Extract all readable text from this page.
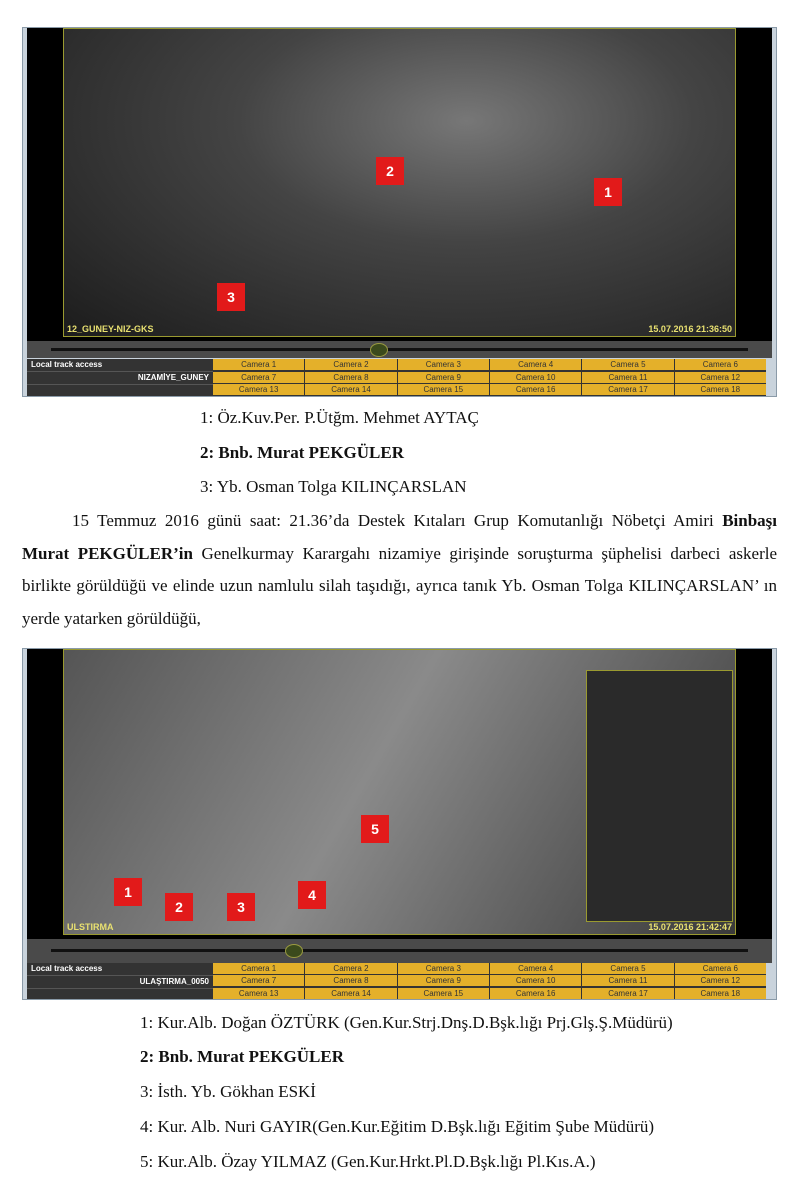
12_GUNEY-NIZ-GKS	15.07.2016 21:36:50
Local track access
NIZAMİYE_GUNEY
Camera 1	Camera 2	Camera 3	Camera 4	Camera 5	Camera 6
Camera 7	Camera 8	Camera 9	Camera 10	Camera 11	Camera 12
Camera 13	Camera 14	Camera 15	Camera 16	Camera 17	Camera 18
1
2
3
1: Öz.Kuv.Per. P.Ütğm. Mehmet AYTAÇ
2: Bnb. Murat PEKGÜLER
3: Yb. Osman Tolga KILINÇARSLAN

15 Temmuz 2016 günü saat: 21.36’da Destek Kıtaları Grup Komutanlığı Nöbetçi Amiri Binbaşı Murat PEKGÜLER’in Genelkurmay Karargahı nizamiye girişinde soruşturma şüphelisi darbeci askerle birlikte görüldüğü ve elinde uzun namlulu silah taşıdığı, ayrıca tanık Yb. Osman Tolga KILINÇARSLAN’ ın yerde yatarken görüldüğü,

ULSTIRMA	15.07.2016 21:42:47
Local track access
ULAŞTIRMA_0050
Camera 1	Camera 2	Camera 3	Camera 4	Camera 5	Camera 6
Camera 7	Camera 8	Camera 9	Camera 10	Camera 11	Camera 12
Camera 13	Camera 14	Camera 15	Camera 16	Camera 17	Camera 18
1
2	3
4
5
1: Kur.Alb. Doğan ÖZTÜRK (Gen.Kur.Strj.Dnş.D.Bşk.lığı Prj.Glş.Ş.Müdürü)
2: Bnb. Murat PEKGÜLER
3: İsth. Yb. Gökhan ESKİ
4: Kur. Alb. Nuri GAYIR(Gen.Kur.Eğitim D.Bşk.lığı Eğitim Şube Müdürü)
5: Kur.Alb. Özay YILMAZ (Gen.Kur.Hrkt.Pl.D.Bşk.lığı Pl.Kıs.A.)
